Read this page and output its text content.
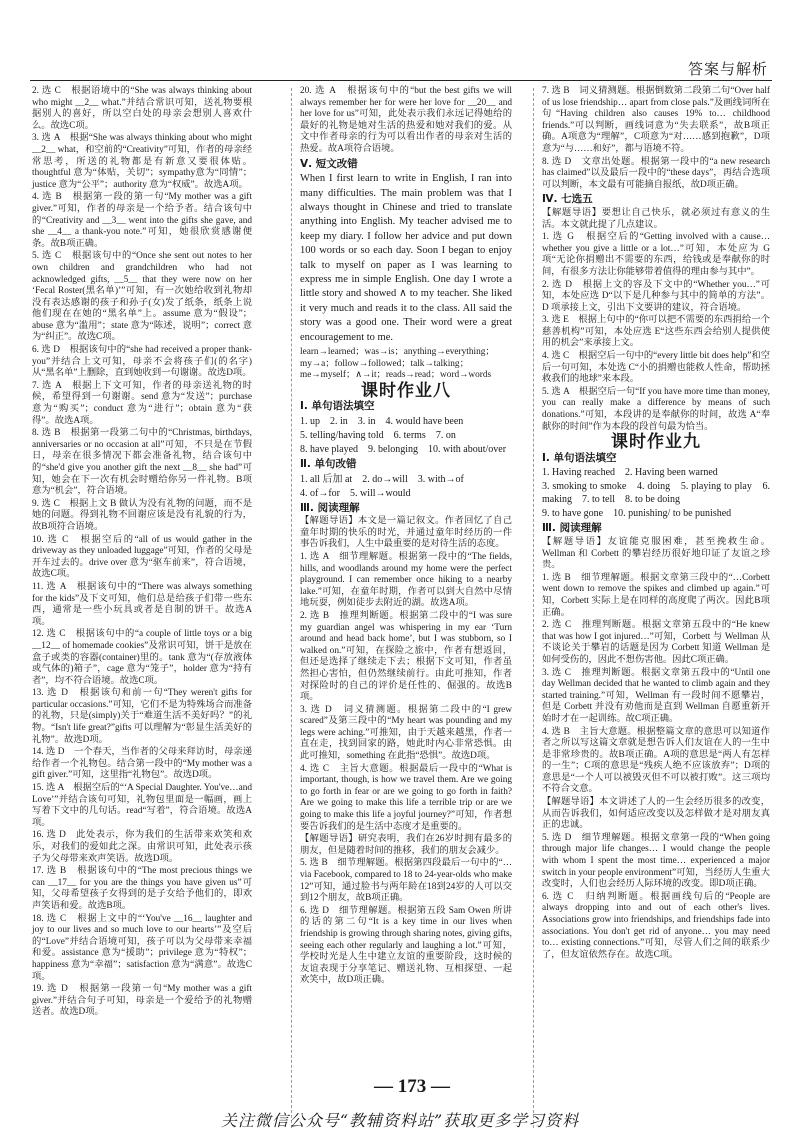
答案与解析

2. 选 C　根据语境中的“She was always thinking about who might __2__ what.”并结合常识可知，送礼物要根据别人的喜好，所以空白处的母亲会想别人喜欢什么。故选C项。

3. 选 A　根据“She was always thinking about who might __2__ what，和空前的“Creativity”可知，作者的母亲经常思考，所送的礼物都是有新意又要很体贴。thoughtful 意为“体贴，关切”；sympathy意为“同情”；justice 意为“公平”；authority 意为“权威”。故选A项。

4. 选 B　根据第一段的第一句“My mother was a gift giver.”可知，作者的母亲是一个给予者。结合该句中的“Creativity and __3__ went into the gifts she gave, and she __4__ a thank-you note.”可知，她很欣赏感谢便条。故B项正确。

5. 选 C　根据该句中的“Once she sent out notes to her own children and grandchildren who had not acknowledged gifts, __5__ that they were now on her ‘Fecal Roster(黑名单)’”可知，有一次她给收到礼物却没有表达感谢的孩子和孙子(女)发了纸条，纸条上说他们现在在她的“黑名单”上。assume 意为“假设”；abuse 意为“滥用”；state 意为“陈述，说明”；correct 意为“纠正”。故选C项。

6. 选 D　根据该句中的“she had received a proper thank-you”并结合上文可知，母亲不会将孩子们(的名字)从“黑名单”上删除，直到她收到一句谢谢。故选D项。

7. 选 A　根据上下文可知，作者的母亲送礼物的时候，希望得到一句谢谢。send 意为“发送”；purchase 意为“购买”；conduct 意为“进行”；obtain 意为“获得”。故选A项。

8. 选 B　根据第一段第二句中的“Christmas, birthdays, anniversaries or no occasion at all”可知，不只是在节假日，母亲在很多情况下都会准备礼物，结合该句中的“she'd give you another gift the next __8__ she had”可知，她会在下一次有机会时赠给你另一件礼物。B项意为“机会”，符合语境。

9. 选 C　根据上文 B 做认为没有礼物的问题，而不是她的问题。得到礼物不回谢应该是没有礼貌的行为，故B项符合语境。

10. 选 C　根据空后的“all of us would gather in the driveway as they unloaded luggage”可知，作者的父母是开车过去的。drive over 意为“驱车前来”，符合语境，故选C项。

11. 选 A　根据该句中的“There was always something for the kids”及下文可知，他们总是给孩子们带一些东西，通常是一些小玩具或者是自制的饼干。故选A项。

12. 选 C　根据该句中的“a couple of little toys or a big __12__ of homemade cookies”及常识可知，饼干是放在盒子或类的容器(container)里的。tank 意为“(存放液体或气体的)箱子”，cage 意为“笼子”，holder 意为“持有者”，均不符合语境。故选C项。

13. 选 D　根据该句和前一句“They weren't gifts for particular occasions.”可知，它们不是为特殊场合而准备的礼物，只是(simply)关于“难道生活不美好吗？”的礼物。“Isn't life great?”gifts 可以理解为“彰显生活美好的礼物”。故选D项。

14. 选 D　一个春天，当作者的父母来拜访时，母亲递给作者一个礼物包。结合第一段中的“My mother was a gift giver.”可知，这里指“礼物包”。故选D项。

15. 选 A　根据空后的“‘A Special Daughter. You've…and Love’”并结合该句可知，礼物包里面是一幅画，画上写着下文中的几句话。read“写着”，符合语境。故选A项。

16. 选 D　此处表示，你为我们的生活带来欢笑和欢乐，对我们的爱如此之深。由常识可知，此处表示孩子为父母带来欢声笑语。故选D项。

17. 选 B　根据该句中的“The most precious things we can __17__ for you are the things you have given us”可知，父母希望孩子女得到的是子女给予他们的，即欢声笑语和爱。故选B项。

18. 选 C　根据上文中的“‘You've __16__ laughter and joy to our lives and so much love to our hearts’”及空后的“Love”并结合语境可知，孩子可以为父母带来幸福和爱。assistance 意为“援助”；privilege 意为“特权”；happiness 意为“幸福”；satisfaction 意为“满意”。故选C项。

19. 选 D　根据第一段第一句“My mother was a gift giver.”并结合句子可知，母亲是一个爱给予的礼物赠送者。故选D项。

20. 选 A　根据该句中的“but the best gifts we will always remember her for were her love for __20__ and her love for us”可知，此处表示我们永远记得她给的最好的礼物是她对生活的热爱和她对我们的爱。从文中作者母亲的行为可以看出作者的母亲对生活的热爱。故A项符合语境。

Ⅴ. 短文改错

When I first learn to write in English, I ran into many difficulties. The main problem was that I always thought in Chinese and tried to translate anything into English. My teacher advised me to keep my diary. I follow her advice and put down 100 words or so each day. Soon I began to enjoy talk to myself on paper as I was learning to express me in simple English. One day I wrote a little story and showed ∧ to my teacher. She liked it very much and reads it to the class. All said the story was a good one. Their word were a great encouragement to me.

learn→learned；was→is；anything→everything；my→a；follow→followed；talk→talking；me→myself；∧→it；reads→read；word→words

课时作业八
Ⅰ. 单句语法填空

1. up　2. in　3. in　4. would have been

5. telling/having told　6. terms　7. on

8. have played　9. belonging　10. with about/over

Ⅱ. 单句改错

1. all 后加 at　2. do→will　3. with→of

4. of→for　5. will→would

Ⅲ. 阅读理解

【解题导语】本文是一篇记叙文。作者回忆了自己童年时期的快乐的时光，并通过童年时经历的一件事告诉我们，人生中最重要的是对待生活的态度。

1. 选 A　细节理解题。根据第一段中的“The fields, hills, and woodlands around my home were the perfect playground. I can remember once hiking to a nearby lake.”可知，在童年时期，作者可以到大自然中尽情地玩耍，例如徒步去附近的湖。故选A项。

2. 选 B　推理判断题。根据第二段中的“I was sure my guardian angel was whispering in my ear ‘Turn around and head back home’, but I was stubborn, so I walked on.”可知，在探险之旅中，作者有想返回，但还是选择了继续走下去；根据下文可知，作者虽然担心害怕，但仍然继续前行。由此可推知，作者对探险时的自己的评价是任性的、倔强的。故选B项。

3. 选 D　词义猜测题。根据第二段中的“I grew scared”及第三段中的“My heart was pounding and my legs were aching.”可推知，由于天越来越黑，作者一直在走，找到回家的路，她此时内心非常恐惧。由此可推知，something 在此指“恐惧”。故选D项。

4. 选 C　主旨大意题。根据最后一段中的“What is important, though, is how we travel them. Are we going to go forth in fear or are we going to go forth in faith? Are we going to make this life a terrible trip or are we going to make this life a joyful journey?”可知，作者想要告诉我们的是生活中态度才是重要的。

【解题导语】研究表明，我们在26岁时拥有最多的朋友，但是随着时间的推移，我们的朋友会减少。

5. 选 B　细节理解题。根据第四段最后一句中的“…via Facebook, compared to 18 to 24-year-olds who make 12”可知，通过脸书与两年龄在18到24岁的人可以交到12个朋友，故B项正确。

6. 选 D　细节理解题。根据第五段 Sam Owen 所讲的话的第二句“It is a key time in our lives when friendship is growing through sharing notes, giving gifts, seeing each other regularly and laughing a lot.”可知，学校时光是人生中建立友谊的重要阶段，这时候的友谊表现于分享笔记、赠送礼物、互相探望、一起欢笑中，故D项正确。

7. 选 B　词义猜测题。根据倒数第二段第二句“Over half of us lose friendship… apart from close pals.”及画线词所在句“Having children also causes 19% to… childhood friends.”可以判断，画线词意为“失去联系”，故B项正确。A项意为“理解”，C项意为“对……感到抱歉”，D项意为“与……和好”，都与语境不符。

8. 选 D　文章出处题。根据第一段中的“a new research has claimed”以及最后一段中的“these days”，再结合选项可以判断，本文最有可能摘自报纸，故D项正确。

Ⅳ. 七选五

【解题导语】要想让自己快乐，就必须过有意义的生活。本文就此提了几点建议。

1. 选 G　根据空后的“Getting involved with a cause… whether you give a little or a lot…”可知，本处应为 G 项“无论你捐赠出不需要的东西，给钱或是奉献你的时间，有很多方法让你能够带着值得的理由参与其中”。

2. 选 D　根据上文的容及下文中的“Whether you…”可知，本处应选 D“以下是几种参与其中的简单的方法”。D 项承接上文，引出下文要讲的建议，符合语境。

3. 选 E　根据上句中的“你可以把不需要的东西捐给一个慈善机构”可知，本处应选 E“这些东西会给别人提供使用的机会”来承接上文。

4. 选 C　根据空后一句中的“every little bit does help”和空后一句可知，本处选 C“小的捐赠也能救人性命，帮助拯救我们的地球”来本段。

5. 选 A　根据空后一句“If you have more time than money, you can really make a difference by means of such donations.”可知，本段讲的是奉献你的时间，故选 A“奉献你的时间”作为本段的段首句最为恰当。

课时作业九
Ⅰ. 单句语法填空

1. Having reached　2. Having been warned

3. smoking to smoke　4. doing　5. playing to play　6. making　7. to tell　8. to be doing

9. to have gone　10. punishing/ to be punished

Ⅲ. 阅读理解

【解题导语】友谊能克服困难，甚至挽救生命。Wellman 和 Corbett 的攀岩经历很好地印证了友谊之珍贵。

1. 选 B　细节理解题。根据文章第三段中的“…Corbett went down to remove the spikes and climbed up again.”可知，Corbett 实际上是在同样的高度爬了两次。因此B项正确。

2. 选 C　推理判断题。根据文章第五段中的“He knew that was how I got injured…”可知，Corbett 与 Wellman 从不谈论关于攀岩的话题是因为 Corbett 知道 Wellman 是如何受伤的，因此不想伤害他。因此C项正确。

3. 选 C　推理判断题。根据文章第五段中的“Until one day Wellman decided that he wanted to climb again and they started training.”可知，Wellman 有一段时间不愿攀岩，但是 Corbett 并没有劝他而是直到 Wellman 自愿重新开始时才在一起训练。故C项正确。

4. 选 B　主旨大意题。根据整篇文章的意思可以知道作者之所以写这篇文章就是想告诉人们友谊在人的一生中是非常珍贵的。故B项正确。A项的意思是“两人有怎样的一生”；C项的意思是“残疾人绝不应该放弃”；D项的意思是“一个人可以被毁灭但不可以被打败”。这三项均不符合文意。

【解题导语】本文讲述了人的一生会经历很多的改变，从而告诉我们，如何适应改变以及怎样做才是对朋友真正的忠诚。

5. 选 D　细节理解题。根据文章第一段的“When going through major life changes… I would change the people with whom I spent the most time… experienced a major switch in your people environment”可知，当经历人生重大改变时，人们也会经历人际环境的改变。即D项正确。

6. 选 C　归纳判断题。根据画线句后的“People are always dropping into and out of each other's lives. Associations grow into friendships, and friendships fade into associations. You don't get rid of anyone… you may need to… existing connections.”可知，尽管人们之间的联系少了，但友谊依然存在。故选C项。

— 173 —
关注微信公众号“教辅资料站”获取更多学习资料
